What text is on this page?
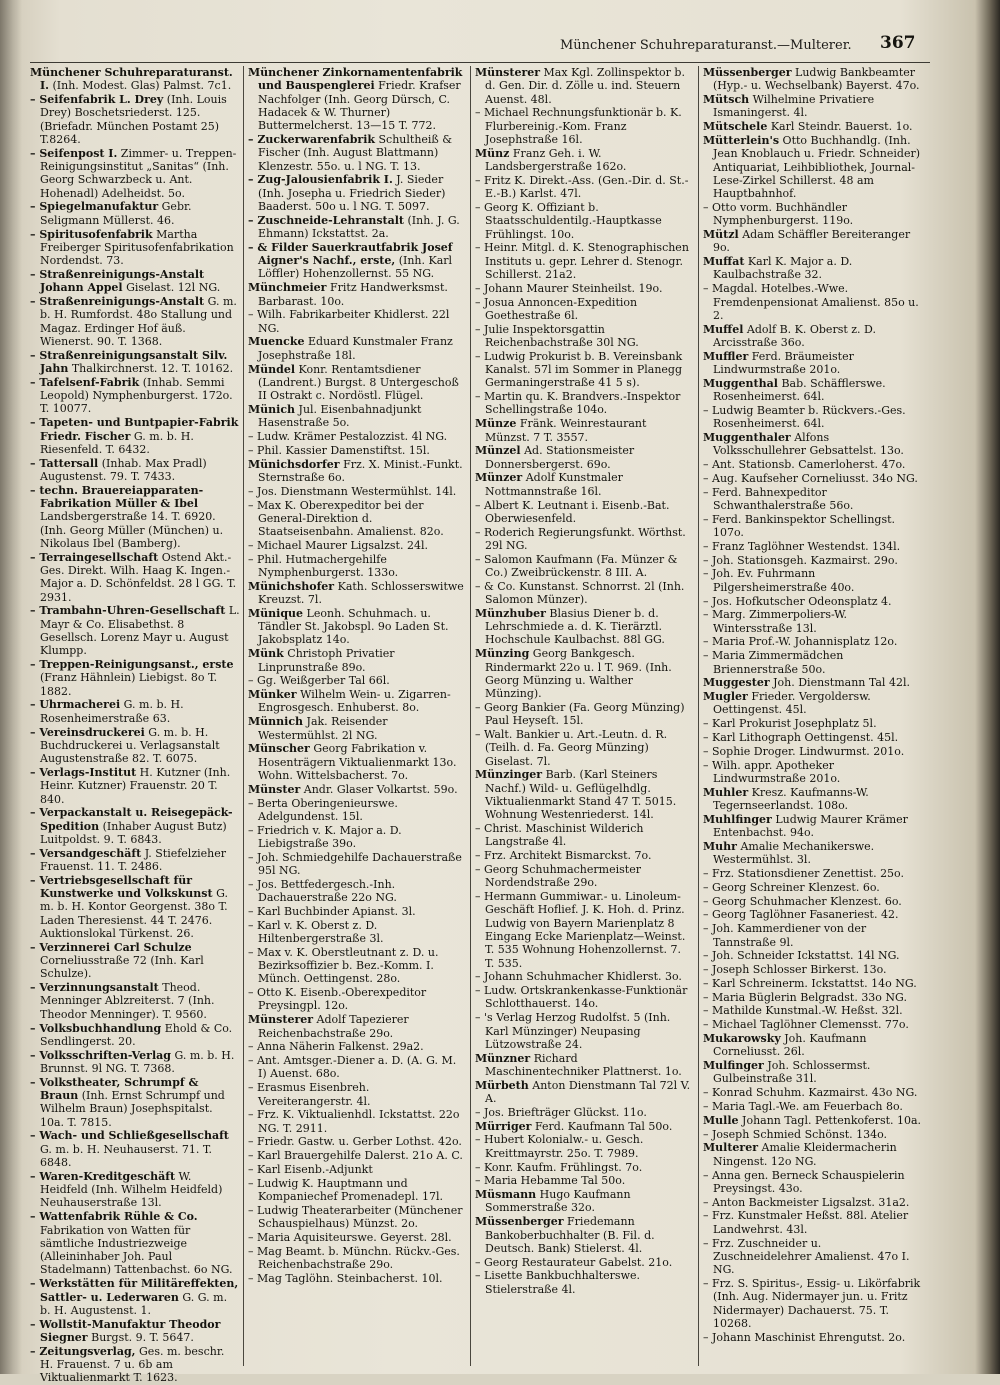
Münchener Schuhreparaturanst.—Multerer.	367
Münchener Schuhreparaturanst. I. (Inh. Modest. Glas) Palmst. 7c1.
– Seifenfabrik L. Drey (Inh. Louis Drey) Boschetsriederst. 125. (Briefadr. München Postamt 25) T.8264.
– Seifenpost I. Zimmer- u. Treppen-Reinigungsinstitut „Sanitas“ (Inh. Georg Schwarzbeck u. Ant. Hohenadl) Adelheidst. 5o.
– Spiegelmanufaktur Gebr. Seligmann Müllerst. 46.
– Spiritusofenfabrik Martha Freiberger Spiritusofenfabrikation Nordendst. 73.
– Straßenreinigungs-Anstalt Johann Appel Giselast. 12l NG.
– Straßenreinigungs-Anstalt G. m. b. H. Rumfordst. 48o Stallung und Magaz. Erdinger Hof äuß. Wienerst. 90. T. 1368.
– Straßenreinigungsanstalt Silv. Jahn Thalkirchnerst. 12. T. 10162.
– Tafelsenf-Fabrik (Inhab. Semmi Leopold) Nymphenburgerst. 172o. T. 10077.
– Tapeten- und Buntpapier-Fabrik Friedr. Fischer G. m. b. H. Riesenfeld. T. 6432.
– Tattersall (Inhab. Max Pradl) Augustenst. 79. T. 7433.
– techn. Brauereiapparaten-Fabrikation Müller & Ibel Landsbergerstraße 14. T. 6920. (Inh. Georg Müller (München) u. Nikolaus Ibel (Bamberg).
– Terraingesellschaft Ostend Akt.-Ges. Direkt. Wilh. Haag K. Ingen.-Major a. D. Schönfeldst. 28 l GG. T. 2931.
– Trambahn-Uhren-Gesellschaft L. Mayr & Co. Elisabethst. 8 Gesellsch. Lorenz Mayr u. August Klumpp.
– Treppen-Reinigungsanst., erste (Franz Hähnlein) Liebigst. 8o T. 1882.
– Uhrmacherei G. m. b. H. Rosenheimerstraße 63.
– Vereinsdruckerei G. m. b. H. Buchdruckerei u. Verlagsanstalt Augustenstraße 82. T. 6075.
– Verlags-Institut H. Kutzner (Inh. Heinr. Kutzner) Frauenstr. 20 T. 840.
– Verpackanstalt u. Reisegepäck-Spedition (Inhaber August Butz) Luitpoldst. 9. T. 6843.
– Versandgeschäft J. Stiefelzieher Frauenst. 11. T. 2486.
– Vertriebsgesellschaft für Kunstwerke und Volkskunst G. m. b. H. Kontor Georgenst. 38o T. Laden Theresienst. 44 T. 2476. Auktionslokal Türkenst. 26.
– Verzinnerei Carl Schulze Corneliusstraße 72 (Inh. Karl Schulze).
– Verzinnungsanstalt Theod. Menninger Ablzreiterst. 7 (Inh. Theodor Menninger). T. 9560.
– Volksbuchhandlung Ehold & Co. Sendlingerst. 20.
– Volksschriften-Verlag G. m. b. H. Brunnst. 9l NG. T. 7368.
– Volkstheater, Schrumpf & Braun (Inh. Ernst Schrumpf und Wilhelm Braun) Josephspitalst. 10a. T. 7815.
– Wach- und Schließgesellschaft G. m. b. H. Neuhauserst. 71. T. 6848.
– Waren-Kreditgeschäft W. Heidfeld (Inh. Wilhelm Heidfeld) Neuhauserstraße 13l.
– Wattenfabrik Rühle & Co. Fabrikation von Watten für sämtliche Industriezweige (Alleininhaber Joh. Paul Stadelmann) Tattenbachst. 6o NG.
– Werkstätten für Militäreffekten, Sattler- u. Lederwaren G. G. m. b. H. Augustenst. 1.
– Wollstit-Manufaktur Theodor Siegner Burgst. 9. T. 5647.
– Zeitungsverlag, Ges. m. beschr. H. Frauenst. 7 u. 6b am Viktualienmarkt T. 1623.
Münchener Zinkornamentenfabrik und Bauspenglerei Friedr. Krafser Nachfolger (Inh. Georg Dürsch, C. Hadacek & W. Thurner) Buttermelcherst. 13—15 T. 772.
– Zuckerwarenfabrik Schultheiß & Fischer (Inh. August Blattmann) Klenzestr. 55o. u. l NG. T. 13.
– Zug-Jalousienfabrik I. J. Sieder (Inh. Josepha u. Friedrich Sieder) Baaderst. 50o u. l NG. T. 5097.
– Zuschneide-Lehranstalt (Inh. J. G. Ehmann) Ickstattst. 2a.
– & Filder Sauerkrautfabrik Josef Aigner's Nachf., erste, (Inh. Karl Löffler) Hohenzollernst. 55 NG.
Münchmeier Fritz Handwerksmst. Barbarast. 10o.
– Wilh. Fabrikarbeiter Khidlerst. 22l NG.
Muencke Eduard Kunstmaler Franz Josephstraße 18l.
Mündel Konr. Rentamtsdiener (Landrent.) Burgst. 8 Untergeschoß II Ostrakt c. Nordöstl. Flügel.
Münich Jul. Eisenbahnadjunkt Hasenstraße 5o.
– Ludw. Krämer Pestalozzist. 4l NG.
– Phil. Kassier Damenstiftst. 15l.
Münichsdorfer Frz. X. Minist.-Funkt. Sternstraße 6o.
– Jos. Dienstmann Westermühlst. 14l.
– Max K. Oberexpeditor bei der General-Direktion d. Staatseisenbahn. Amalienst. 82o.
– Michael Maurer Ligsalzst. 24l.
– Phil. Hutmachergehilfe Nymphenburgerst. 133o.
Münichshofer Kath. Schlosserswitwe Kreuzst. 7l.
Münique Leonh. Schuhmach. u. Tändler St. Jakobspl. 9o Laden St. Jakobsplatz 14o.
Münk Christoph Privatier Linprunstraße 89o.
– Gg. Weißgerber Tal 66l.
Münker Wilhelm Wein- u. Zigarren-Engrosgesch. Enhuberst. 8o.
Münnich Jak. Reisender Westermühlst. 2l NG.
Münscher Georg Fabrikation v. Hosenträgern Viktualienmarkt 13o. Wohn. Wittelsbacherst. 7o.
Münster Andr. Glaser Volkartst. 59o.
– Berta Oberingenieurswe. Adelgundenst. 15l.
– Friedrich v. K. Major a. D. Liebigstraße 39o.
– Joh. Schmiedgehilfe Dachauerstraße 95l NG.
– Jos. Bettfedergesch.-Inh. Dachauerstraße 22o NG.
– Karl Buchbinder Apianst. 3l.
– Karl v. K. Oberst z. D. Hiltenbergerstraße 3l.
– Max v. K. Oberstleutnant z. D. u. Bezirksoffizier b. Bez.-Komm. I. Münch. Oettingenst. 28o.
– Otto K. Eisenb.-Oberexpeditor Preysingpl. 12o.
Münsterer Adolf Tapezierer Reichenbachstraße 29o.
– Anna Näherin Falkenst. 29a2.
– Ant. Amtsger.-Diener a. D. (A. G. M. I) Auenst. 68o.
– Erasmus Eisenbreh. Vereiterangerstr. 4l.
– Frz. K. Viktualienhdl. Ickstattst. 22o NG. T. 2911.
– Friedr. Gastw. u. Gerber Lothst. 42o.
– Karl Brauergehilfe Dalerst. 21o A. C.
– Karl Eisenb.-Adjunkt
– Ludwig K. Hauptmann und Kompaniechef Promenadepl. 17l.
– Ludwig Theaterarbeiter (Münchener Schauspielhaus) Münzst. 2o.
– Maria Aquisiteurswe. Geyerst. 28l.
– Mag Beamt. b. Münchn. Rückv.-Ges. Reichenbachstraße 29o.
– Mag Taglöhn. Steinbacherst. 10l.
Münsterer Max Kgl. Zollinspektor b. d. Gen. Dir. d. Zölle u. ind. Steuern Auenst. 48l.
– Michael Rechnungsfunktionär b. K. Flurbereinig.-Kom. Franz Josephstraße 16l.
Münz Franz Geh. i. W. Landsbergerstraße 162o.
– Fritz K. Direkt.-Ass. (Gen.-Dir. d. St.-E.-B.) Karlst. 47l.
– Georg K. Offiziant b. Staatsschuldentilg.-Hauptkasse Frühlingst. 10o.
– Heinr. Mitgl. d. K. Stenographischen Instituts u. gepr. Lehrer d. Stenogr. Schillerst. 21a2.
– Johann Maurer Steinheilst. 19o.
– Josua Annoncen-Expedition Goethestraße 6l.
– Julie Inspektorsgattin Reichenbachstraße 30l NG.
– Ludwig Prokurist b. B. Vereinsbank Kanalst. 57l im Sommer in Planegg Germaningerstraße 41 5 s).
– Martin qu. K. Brandvers.-Inspektor Schellingstraße 104o.
Münze Fränk. Weinrestaurant Münzst. 7 T. 3557.
Münzel Ad. Stationsmeister Donnersbergerst. 69o.
Münzer Adolf Kunstmaler Nottmannstraße 16l.
– Albert K. Leutnant i. Eisenb.-Bat. Oberwiesenfeld.
– Roderich Regierungsfunkt. Wörthst. 29l NG.
– Salomon Kaufmann (Fa. Münzer & Co.) Zweibrückenstr. 8 III. A.
– & Co. Kunstanst. Schnorrst. 2l (Inh. Salomon Münzer).
Münzhuber Blasius Diener b. d. Lehrschmiede a. d. K. Tierärztl. Hochschule Kaulbachst. 88l GG.
Münzing Georg Bankgesch. Rindermarkt 22o u. l T. 969. (Inh. Georg Münzing u. Walther Münzing).
– Georg Bankier (Fa. Georg Münzing) Paul Heyseſt. 15l.
– Walt. Bankier u. Art.-Leutn. d. R. (Teilh. d. Fa. Georg Münzing) Giselast. 7l.
Münzinger Barb. (Karl Steiners Nachf.) Wild- u. Geflügelhdlg. Viktualienmarkt Stand 47 T. 5015. Wohnung Westenriederst. 14l.
– Christ. Maschinist Wilderich Langstraße 4l.
– Frz. Architekt Bismarckst. 7o.
– Georg Schuhmachermeister Nordendstraße 29o.
– Hermann Gummiwar.- u. Linoleum-Geschäft Hoflief. J. K. Hoh. d. Prinz. Ludwig von Bayern Marienplatz 8 Eingang Ecke Marienplatz—Weinst. T. 535 Wohnung Hohenzollernst. 7. T. 535.
– Johann Schuhmacher Khidlerst. 3o.
– Ludw. Ortskrankenkasse-Funktionär Schlotthauerst. 14o.
– 's Verlag Herzog Rudolfst. 5 (Inh. Karl Münzinger) Neupasing Lützowstraße 24.
Münzner Richard Maschinentechniker Plattnerst. 1o.
Mürbeth Anton Dienstmann Tal 72l V. A.
– Jos. Briefträger Glückst. 11o.
Mürriger Ferd. Kaufmann Tal 50o.
– Hubert Kolonialw.- u. Gesch. Kreittmayrstr. 25o. T. 7989.
– Konr. Kaufm. Frühlingst. 7o.
– Maria Hebamme Tal 50o.
Müsmann Hugo Kaufmann Sommerstraße 32o.
Müssenberger Friedemann Bankoberbuchhalter (B. Fil. d. Deutsch. Bank) Stielerst. 4l.
– Georg Restaurateur Gabelst. 21o.
– Lisette Bankbuchhalterswe. Stielerstraße 4l.
Müssenberger Ludwig Bankbeamter (Hyp.- u. Wechselbank) Bayerst. 47o.
Mütsch Wilhelmine Privatiere Ismaningerst. 4l.
Mütschele Karl Steindr. Bauerst. 1o.
Mütterlein's Otto Buchhandlg. (Inh. Jean Knoblauch u. Friedr. Schneider) Antiquariat, Leihbibliothek, Journal-Lese-Zirkel Schillerst. 48 am Hauptbahnhof.
– Otto vorm. Buchhändler Nymphenburgerst. 119o.
Mützl Adam Schäffler Bereiteranger 9o.
Muffat Karl K. Major a. D. Kaulbachstraße 32.
– Magdal. Hotelbes.-Wwe. Fremdenpensionat Amalienst. 85o u. 2.
Muffel Adolf B. K. Oberst z. D. Arcisstraße 36o.
Muffler Ferd. Bräumeister Lindwurmstraße 201o.
Muggenthal Bab. Schäfflerswe. Rosenheimerst. 64l.
– Ludwig Beamter b. Rückvers.-Ges. Rosenheimerst. 64l.
Muggenthaler Alfons Volksschullehrer Gebsattelst. 13o.
– Ant. Stationsb. Camerloherst. 47o.
– Aug. Kaufseher Corneliusst. 34o NG.
– Ferd. Bahnexpeditor Schwanthalerstraße 56o.
– Ferd. Bankinspektor Schellingst. 107o.
– Franz Taglöhner Westendst. 134l.
– Joh. Stationsgeh. Kazmairst. 29o.
– Joh. Ev. Fuhrmann Pilgersheimerstraße 40o.
– Jos. Hofkutscher Odeonsplatz 4.
– Marg. Zimmerpoliers-W. Wintersstraße 13l.
– Maria Prof.-W. Johannisplatz 12o.
– Maria Zimmermädchen Briennerstraße 50o.
Muggester Joh. Dienstmann Tal 42l.
Mugler Frieder. Vergoldersw. Oettingenst. 45l.
– Karl Prokurist Josephplatz 5l.
– Karl Lithograph Oettingenst. 45l.
– Sophie Droger. Lindwurmst. 201o.
– Wilh. appr. Apotheker Lindwurmstraße 201o.
Muhler Kresz. Kaufmanns-W. Tegernseerlandst. 108o.
Muhlfinger Ludwig Maurer Krämer Entenbachst. 94o.
Muhr Amalie Mechanikerswe. Westermühlst. 3l.
– Frz. Stationsdiener Zenettist. 25o.
– Georg Schreiner Klenzest. 6o.
– Georg Schuhmacher Klenzest. 6o.
– Georg Taglöhner Fasaneriest. 42.
– Joh. Kammerdiener von der Tannstraße 9l.
– Joh. Schneider Ickstattst. 14l NG.
– Joseph Schlosser Birkerst. 13o.
– Karl Schreinerm. Ickstattst. 14o NG.
– Maria Büglerin Belgradst. 33o NG.
– Mathilde Kunstmal.-W. Heßst. 32l.
– Michael Taglöhner Clemensst. 77o.
Mukarowsky Joh. Kaufmann Corneliusst. 26l.
Mulfinger Joh. Schlossermst. Gulbeinstraße 31l.
– Konrad Schuhm. Kazmairst. 43o NG.
– Maria Tagl.-We. am Feuerbach 8o.
Mulle Johann Tagl. Pettenkoferst. 10a.
– Joseph Schmied Schönst. 134o.
Multerer Amalie Kleidermacherin Ningenst. 12o NG.
– Anna gen. Berneck Schauspielerin Preysingst. 43o.
– Anton Backmeister Ligsalzst. 31a2.
– Frz. Kunstmaler Heßst. 88l. Atelier Landwehrst. 43l.
– Frz. Zuschneider u. Zuschneidelehrer Amalienst. 47o I. NG.
– Frz. S. Spiritus-, Essig- u. Likörfabrik (Inh. Aug. Nidermayer jun. u. Fritz Nidermayer) Dachauerst. 75. T. 10268.
– Johann Maschinist Ehrengutst. 2o.
